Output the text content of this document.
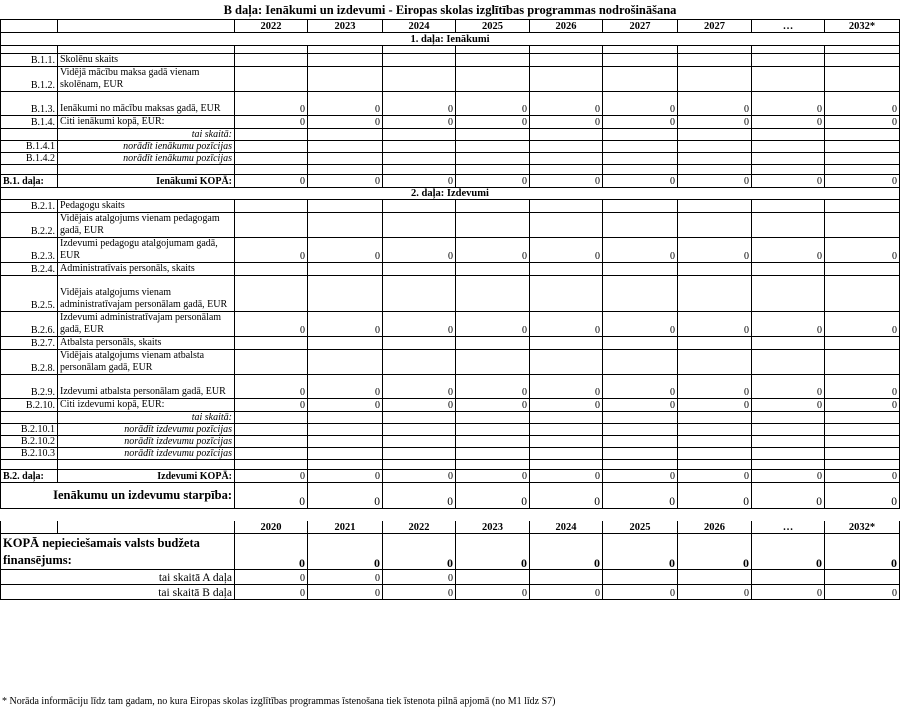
B daļa: Ienākumi un izdevumi - Eiropas skolas izglītības programmas nodrošināšana										
		2022	2023	2024	2025	2026	2027	2027	…	2032*
1. daļa: Ienākumi										

B.1.1.	Skolēnu skaits									
B.1.2.	Vidējā mācību maksa gadā vienam skolēnam, EUR									
B.1.3.	Ienākumi no mācību maksas gadā, EUR	0	0	0	0	0	0	0	0	0
B.1.4.	Citi ienākumi kopā, EUR:	0	0	0	0	0	0	0	0	0
	tai skaitā:									
B.1.4.1	norādīt ienākumu pozīcijas									
B.1.4.2	norādīt ienākumu pozīcijas									

B.1. daļa:	Ienākumi KOPĀ:	0	0	0	0	0	0	0	0	0
2. daļa: Izdevumi										
B.2.1.	Pedagogu skaits									
B.2.2.	Vidējais atalgojums vienam pedagogam gadā, EUR									
B.2.3.	Izdevumi pedagogu atalgojumam gadā, EUR	0	0	0	0	0	0	0	0	0
B.2.4.	Administratīvais personāls, skaits									
B.2.5.	Vidējais atalgojums vienam administratīvajam personālam gadā, EUR									
B.2.6.	Izdevumi administratīvajam personālam gadā, EUR	0	0	0	0	0	0	0	0	0
B.2.7.	Atbalsta personāls, skaits									
B.2.8.	Vidējais atalgojums vienam atbalsta personālam gadā, EUR									
B.2.9.	Izdevumi atbalsta personālam gadā, EUR	0	0	0	0	0	0	0	0	0
B.2.10.	Citi izdevumi kopā, EUR:	0	0	0	0	0	0	0	0	0
	tai skaitā:									
B.2.10.1	norādīt izdevumu pozīcijas									
B.2.10.2	norādīt izdevumu pozīcijas									
B.2.10.3	norādīt izdevumu pozīcijas									

B.2. daļa:	Izdevumi KOPĀ:	0	0	0	0	0	0	0	0	0
Ienākumu un izdevumu starpība:		0	0	0	0	0	0	0	0	0

		2020	2021	2022	2023	2024	2025	2026	…	2032*
KOPĀ nepieciešamais valsts budžeta finansējums:		0	0	0	0	0	0	0	0	0
tai skaitā A daļa		0	0	0						
tai skaitā B daļa		0	0	0	0	0	0	0	0	0
* Norāda informāciju līdz tam gadam, no kura Eiropas skolas izglītības programmas īstenošana tiek īstenota pilnā apjomā (no M1 līdz S7)
